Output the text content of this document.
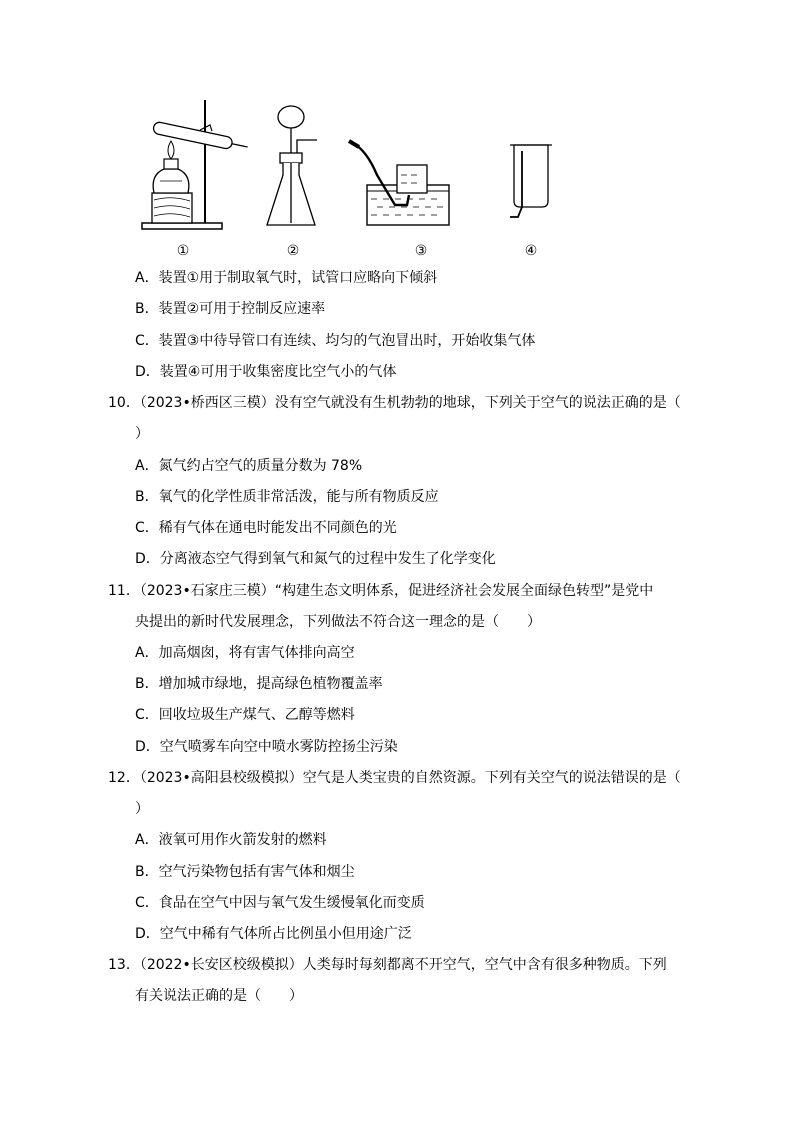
①	②	③	④
A．装置①用于制取氧气时，试管口应略向下倾斜
B．装置②可用于控制反应速率
C．装置③中待导管口有连续、均匀的气泡冒出时，开始收集气体
D．装置④可用于收集密度比空气小的气体
10．（2023•桥西区三模）没有空气就没有生机勃勃的地球，下列关于空气的说法正确的是（
）
A．氮气约占空气的质量分数为 78%
B．氧气的化学性质非常活泼，能与所有物质反应
C．稀有气体在通电时能发出不同颜色的光
D．分离液态空气得到氧气和氮气的过程中发生了化学变化
11．（2023•石家庄三模）“构建生态文明体系，促进经济社会发展全面绿色转型”是党中
央提出的新时代发展理念，下列做法不符合这一理念的是（　　）
A．加高烟囱，将有害气体排向高空
B．增加城市绿地，提高绿色植物覆盖率
C．回收垃圾生产煤气、乙醇等燃料
D．空气喷雾车向空中喷水雾防控扬尘污染
12．（2023•高阳县校级模拟）空气是人类宝贵的自然资源。下列有关空气的说法错误的是（
）
A．液氧可用作火箭发射的燃料
B．空气污染物包括有害气体和烟尘
C．食品在空气中因与氧气发生缓慢氧化而变质
D．空气中稀有气体所占比例虽小但用途广泛
13．（2022•长安区校级模拟）人类每时每刻都离不开空气，空气中含有很多种物质。下列
有关说法正确的是（　　）
